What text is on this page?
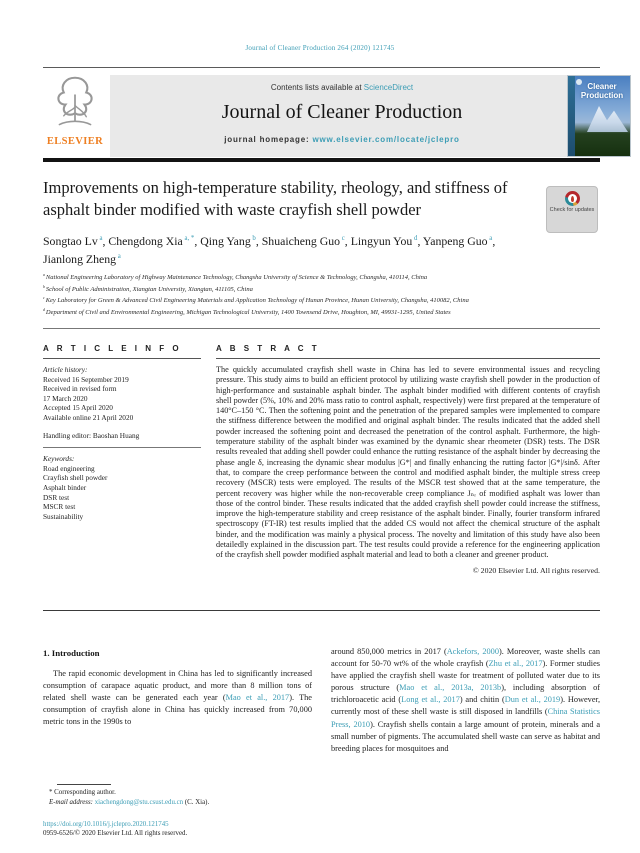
Journal of Cleaner Production 264 (2020) 121745
ELSEVIER
Contents lists available at ScienceDirect
Journal of Cleaner Production
journal homepage: www.elsevier.com/locate/jclepro
Cleaner Production
Improvements on high-temperature stability, rheology, and stiffness of asphalt binder modified with waste crayfish shell powder	Check for updates
Songtao Lv $^a$, Chengdong Xia $^{a, *}$, Qing Yang $^b$, Shuaicheng Guo $^c$, Lingyun You $^d$, Yanpeng Guo $^a$, Jianlong Zheng $^a$
$^a$ National Engineering Laboratory of Highway Maintenance Technology, Changsha University of Science & Technology, Changsha, 410114, China
$^b$ School of Public Administration, Xiangtan University, Xiangtan, 411105, China
$^c$ Key Laboratory for Green & Advanced Civil Engineering Materials and Application Technology of Hunan Province, Hunan University, Changsha, 410082, China
$^d$ Department of Civil and Environmental Engineering, Michigan Technological University, 1400 Townsend Drive, Houghton, MI, 49931-1295, United States
A R T I C L E I N F O
Article history:
Received 16 September 2019
Received in revised form
17 March 2020
Accepted 15 April 2020
Available online 21 April 2020
Handling editor: Baoshan Huang
Keywords:
Road engineering
Crayfish shell powder
Asphalt binder
DSR test
MSCR test
Sustainability
A B S T R A C T
The quickly accumulated crayfish shell waste in China has led to severe environmental issues and recycling pressure. This study aims to build an efficient protocol by utilizing waste crayfish shell powder in the production of high-performance and sustainable asphalt binder. The asphalt binder modified with different contents of crayfish shell powder (5%, 10% and 20% mass ratio to control asphalt, respectively) were first prepared at the temperature of 140°C–150 °C. Then the softening point and the penetration of the prepared samples were implemented to compare the stiffness difference between the modified and original asphalt binder. The results indicated that the added shell powder increased the softening point and decreased the penetration of the control asphalt. Furthermore, the high-temperature stability of the asphalt binder was examined by the dynamic shear rheometer (DSR) tests. The DSR results revealed that adding shell powder could enhance the rutting resistance of the asphalt binder by decreasing the phase angle δ, increasing the dynamic shear modulus |G*| and finally enhancing the rutting factor |G*|/sinδ. After that, to compare the creep performance between the control and modified asphalt binder, the multiple stress creep recovery (MSCR) tests were employed. The results of the MSCR test showed that at the same temperature, the percent recovery was higher while the non-recoverable creep compliance Jₙᵣ of modified asphalt was lower than those of the control binder. These results indicated that the added crayfish shell powder could increase the stiffness, improve the high-temperature stability and creep resistance of the asphalt binder. Finally, fourier transform infrared spectroscopy (FT-IR) test results implied that the added CS would not affect the chemical structure of the asphalt binder, and the modification was mainly a physical process. The novelty and limitation of this study have also been detailedly explained in the discussion part. The test results could provide a reference for the engineering application of the crayfish shell powder modified asphalt material and lead to both a cleaner and greener product.
© 2020 Elsevier Ltd. All rights reserved.
1. Introduction
The rapid economic development in China has led to significantly increased consumption of carapace aquatic product, and more than 8 million tons of related shell waste can be generated each year (Mao et al., 2017). The consumption of crayfish alone in China has quickly increased from 70,000 metric tons in the 1990s to
around 850,000 metrics in 2017 (Ackefors, 2000). Moreover, waste shells can account for 50-70 wt% of the whole crayfish (Zhu et al., 2017). Former studies have applied the crayfish shell waste for treatment of polluted water due to its porous structure (Mao et al., 2013a, 2013b), including absorption of trichloroacetic acid (Long et al., 2017) and chitin (Dun et al., 2019). However, currently most of these shell waste is still disposed in landfills (China Statistics Press, 2010). Crayfish shells contain a large amount of protein, minerals and a small number of pigments. The accumulated shell waste can serve as habitat and breeding places for mosquitoes and
* Corresponding author.
E-mail address: xiachengdong@stu.csust.edu.cn (C. Xia).
https://doi.org/10.1016/j.jclepro.2020.121745
0959-6526/© 2020 Elsevier Ltd. All rights reserved.
